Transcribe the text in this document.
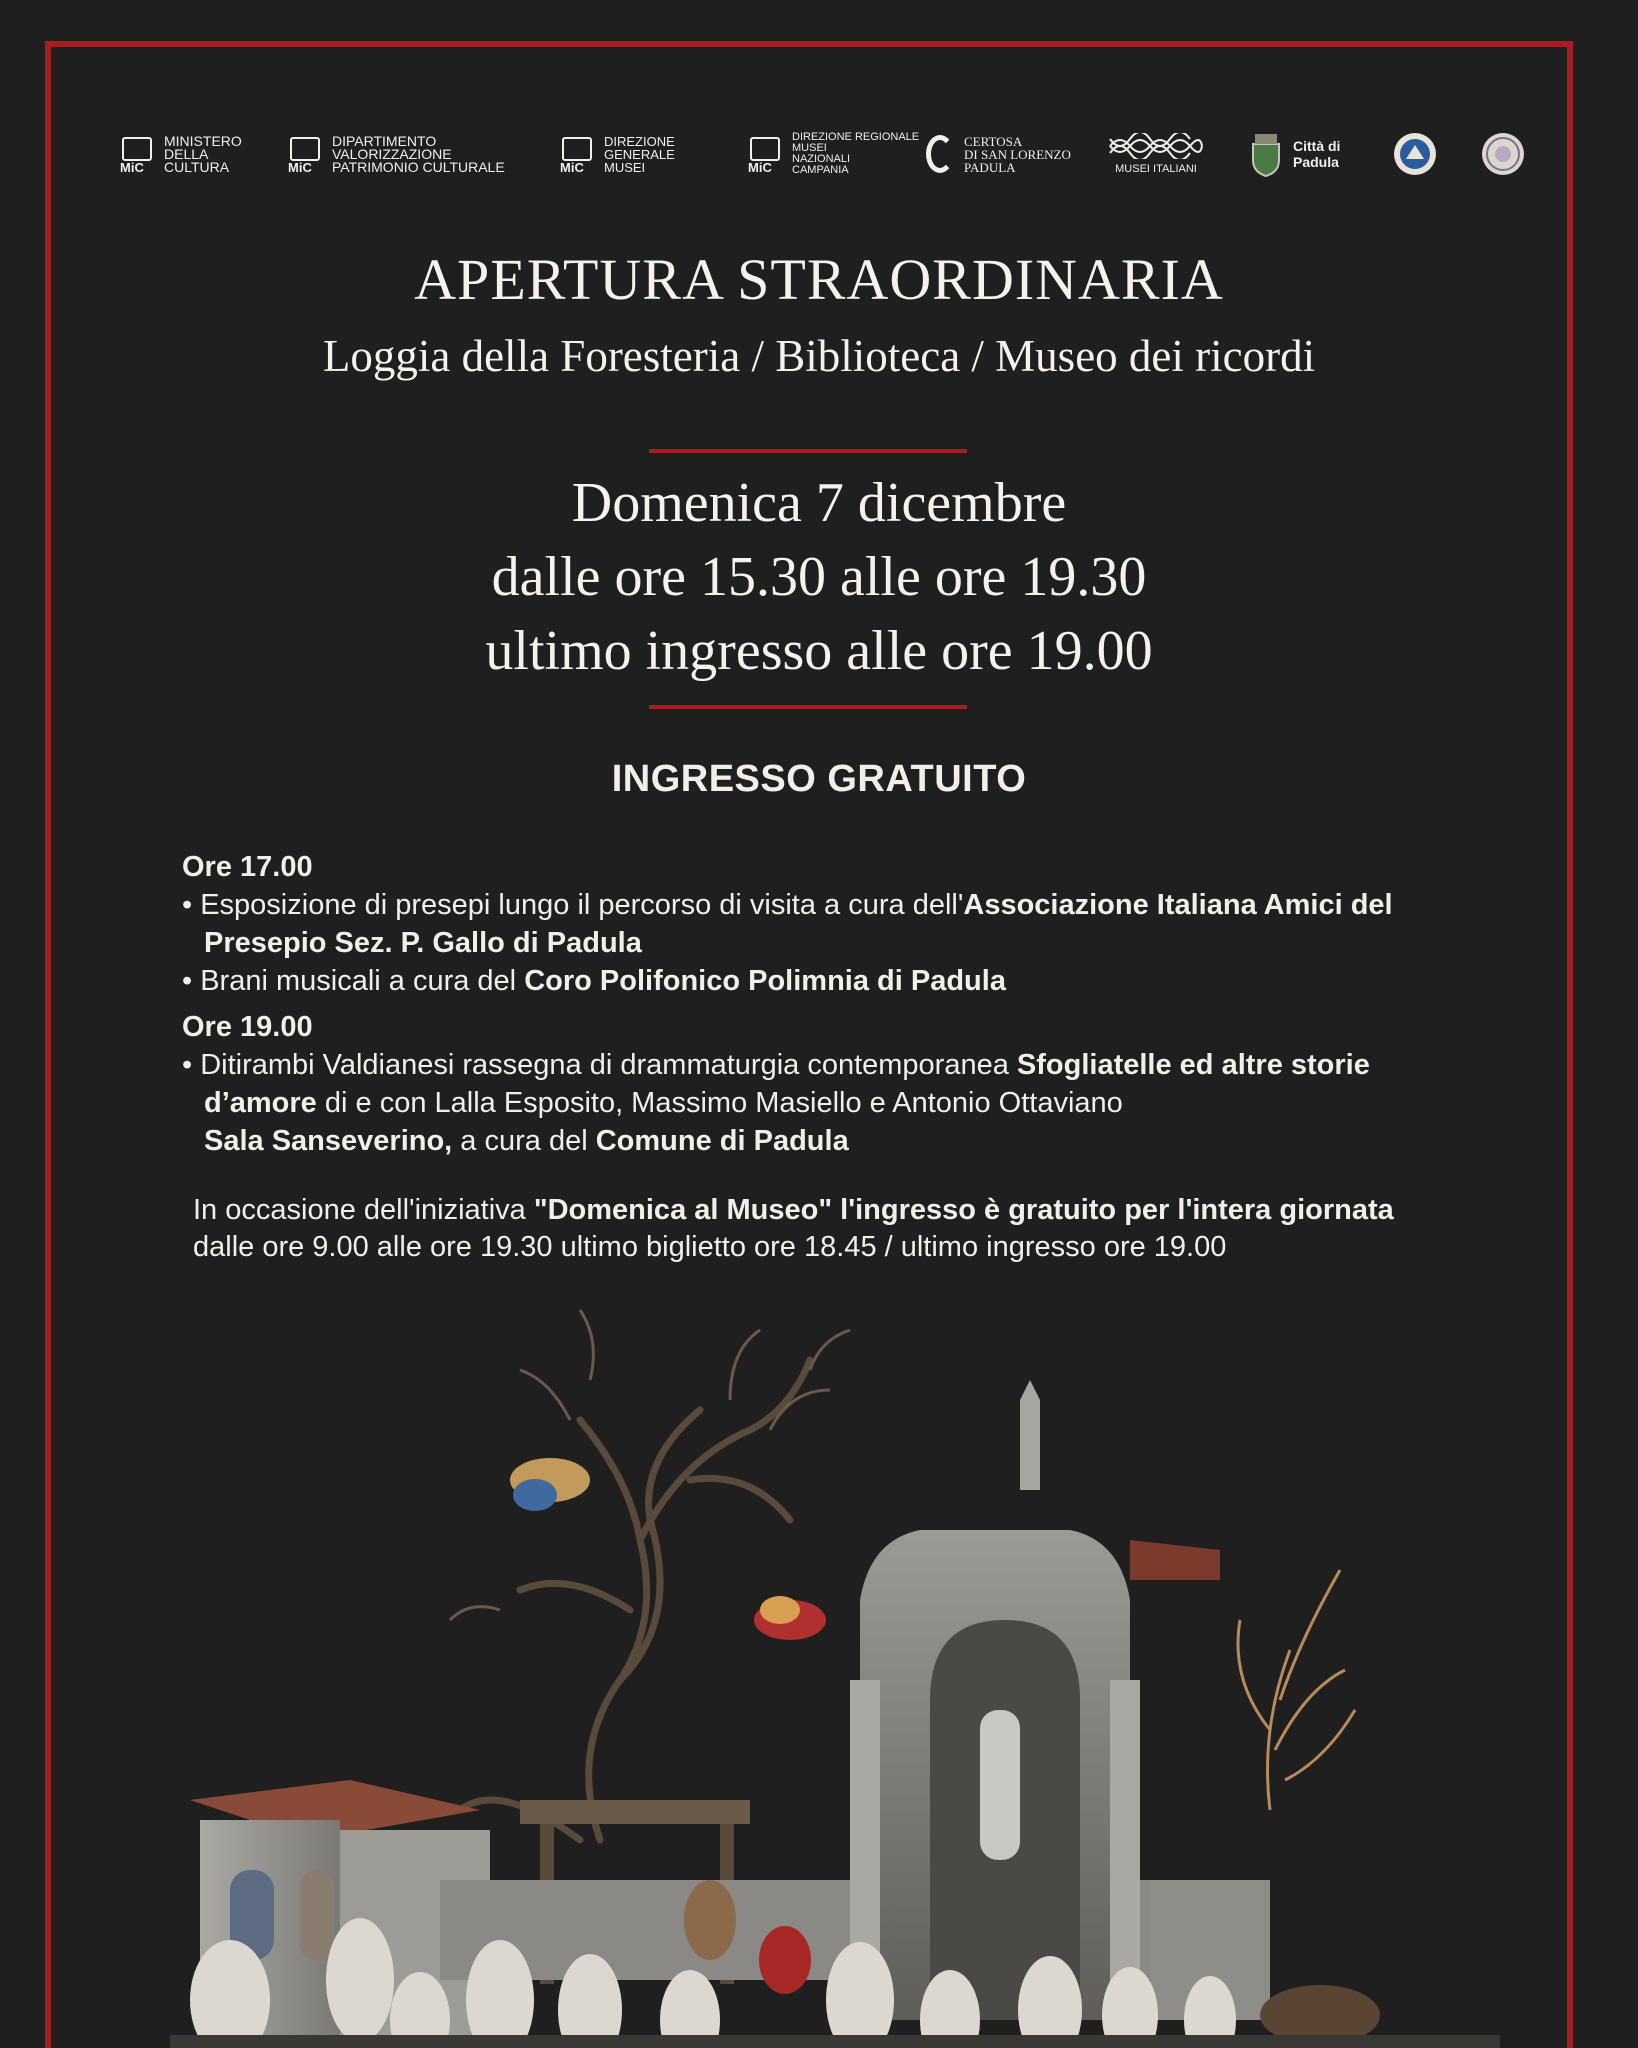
MiC
MINISTERO
DELLA
CULTURA	MiC
DIPARTIMENTO
VALORIZZAZIONE
PATRIMONIO CULTURALE	MiC
DIREZIONE
GENERALE
MUSEI	MiC
DIREZIONE REGIONALE
MUSEI
NAZIONALI
CAMPANIA
CERTOSA
DI SAN LORENZO
PADULA	MUSEI ITALIANI
Città di
Padula
APERTURA STRAORDINARIA
Loggia della Foresteria / Biblioteca / Museo dei ricordi
Domenica 7 dicembre
dalle ore 15.30 alle ore 19.30
ultimo ingresso alle ore 19.00
INGRESSO GRATUITO
Ore 17.00
• Esposizione di presepi lungo il percorso di visita a cura dell'Associazione Italiana Amici del
Presepio Sez. P. Gallo di Padula
• Brani musicali a cura del Coro Polifonico Polimnia di Padula
Ore 19.00
• Ditirambi Valdianesi rassegna di drammaturgia contemporanea Sfogliatelle ed altre storie
d’amore di e con Lalla Esposito, Massimo Masiello e Antonio Ottaviano
Sala Sanseverino, a cura del Comune di Padula
In occasione dell'iniziativa "Domenica al Museo" l'ingresso è gratuito per l'intera giornata
dalle ore 9.00 alle ore 19.30 ultimo biglietto ore 18.45 / ultimo ingresso ore 19.00
